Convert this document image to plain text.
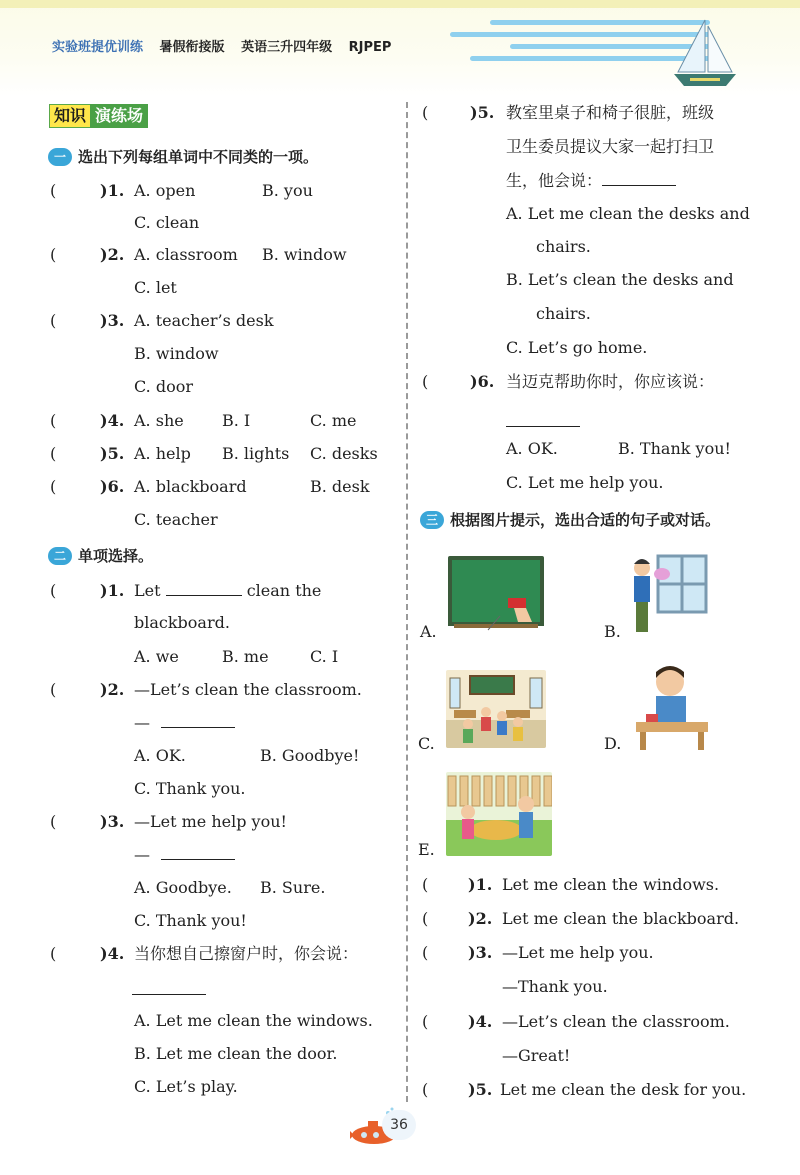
实验班提优训练 暑假衔接版 英语三升四年级 RJPEP
知识 演练场
一 选出下列每组单词中不同类的一项。
(	)1. A. open	B. you
C. clean
(	)2. A. classroom B. window
C. let
(	)3. A. teacher’s desk
B. window
C. door
(	)4. A. she B. I	C. me
(	)5. A. help B. lights C. desks
(	)6. A. blackboard	B. desk
C. teacher
二 单项选择。
(	)1. Let	clean the
blackboard.
A. we	B. me	C. I
(	)2. —Let’s clean the classroom.
—
A. OK.	B. Goodbye!
C. Thank you.
(	)3. —Let me help you!
—
A. Goodbye. B. Sure.
C. Thank you!
(	)4. 当你想自己擦窗户时，你会说：
A. Let me clean the windows.
B. Let me clean the door.
C. Let’s play.
(	)5. 教室里桌子和椅子很脏，班级
卫生委员提议大家一起打扫卫
生，他会说：
A. Let me clean the desks and
chairs.
B. Let’s clean the desks and
chairs.
C. Let’s go home.
(	)6. 当迈克帮助你时，你应该说：
A. OK.	B. Thank you!
C. Let me help you.
三 根据图片提示，选出合适的句子或对话。
A.	B.
C.	D.
E.
( )1. Let me clean the windows.
( )2. Let me clean the blackboard.
( )3. —Let me help you.
—Thank you.
( )4. —Let’s clean the classroom.
—Great!
( )5. Let me clean the desk for you.
36
